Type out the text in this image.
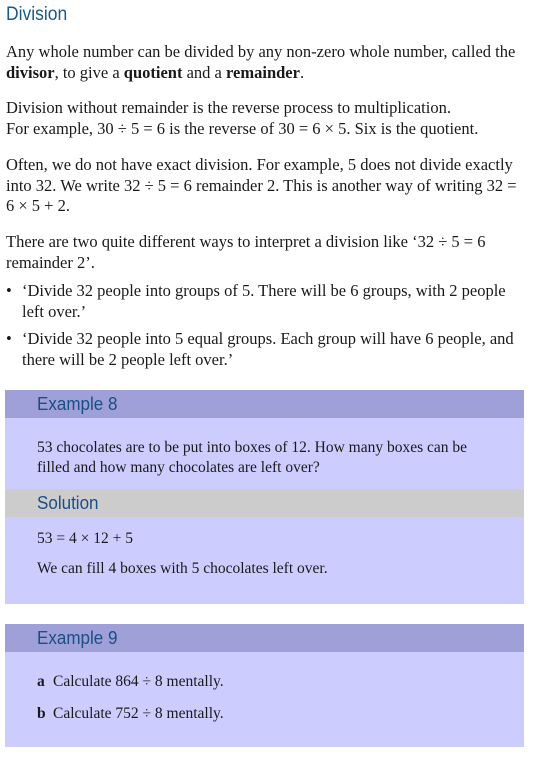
Division

Any whole number can be divided by any non-zero whole number, called the divisor, to give a quotient and a remainder.

Division without remainder is the reverse process to multiplication.
For example, 30 ÷ 5 = 6 is the reverse of 30 = 6 × 5. Six is the quotient.

Often, we do not have exact division. For example, 5 does not divide exactly into 32. We write 32 ÷ 5 = 6 remainder 2. This is another way of writing 32 = 6 × 5 + 2.

There are two quite different ways to interpret a division like ‘32 ÷ 5 = 6 remainder 2’.

• ‘Divide 32 people into groups of 5. There will be 6 groups, with 2 people left over.’
• ‘Divide 32 people into 5 equal groups. Each group will have 6 people, and there will be 2 people left over.’
Example 8
53 chocolates are to be put into boxes of 12. How many boxes can be filled and how many chocolates are left over?
Solution
53 = 4 × 12 + 5
We can fill 4 boxes with 5 chocolates left over.
Example 9
a Calculate 864 ÷ 8 mentally.
b Calculate 752 ÷ 8 mentally.
